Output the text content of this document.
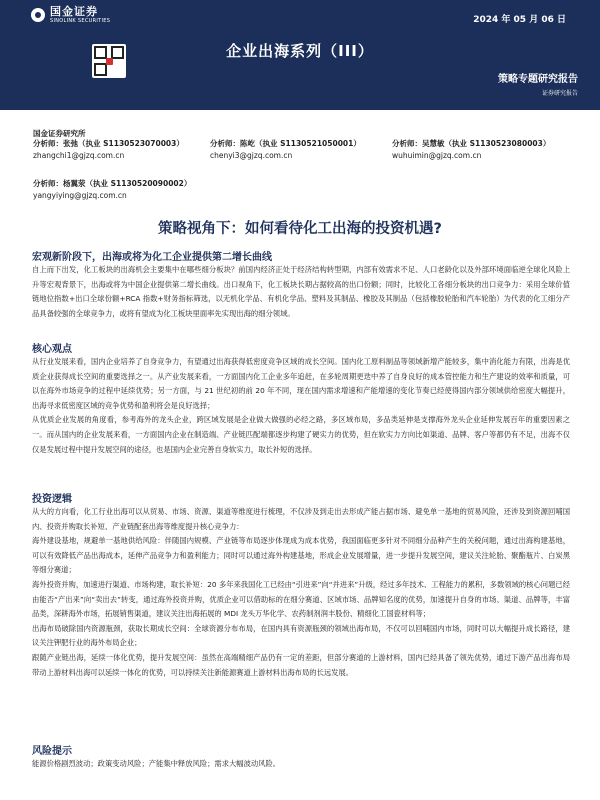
国金证券
SINOLINK SECURITIES	2024 年 05 月 06 日
企业出海系列（III）
策略专题研究报告
证券研究报告
国金证券研究所
分析师：张弛（执业 S1130523070003）
zhangchi1@gjzq.com.cn
分析师：陈屹（执业 S1130521050001）
chenyi3@gjzq.com.cn
分析师：吴慧敏（执业 S1130523080003）
wuhuimin@gjzq.com.cn
分析师：杨翼荥（执业 S1130520090002）
yangyiying@gjzq.com.cn
策略视角下：如何看待化工出海的投资机遇?
宏观新阶段下，出海或将为化工企业提供第二增长曲线

自上而下出发，化工板块的出海机会主要集中在哪些细分板块？前国内经济正处于经济结构转型期，内部有效需求不足、人口老龄化以及外部环境面临逆全球化风险上升等宏观背景下，出海或将为中国企业提供第二增长曲线。出口视角下，化工板块长期占据较高的出口份额；同时，比较化工各细分板块的出口竞争力：采用全球价值链地位指数+出口全球份额+RCA 指数+财务指标筛选，以无机化学品、有机化学品、塑料及其制品、橡胶及其制品（包括橡胶轮胎和汽车轮胎）为代表的化工细分产品具备较强的全球竞争力，或将有望成为化工板块里面率先实现出海的细分领域。

核心观点

从行业发展来看，国内企业培养了自身竞争力，有望通过出海获得低密度竞争区域的成长空间。国内化工原料制品等领域新增产能较多，集中消化能力有限，出海是优质企业获得成长空间的重要选择之一。从产业发展来看，一方面国内化工企业多年追赶，在多轮周期更迭中养了自身良好的成本管控能力和生产建设的效率和质量，可以在海外市场竞争的过程中延续优势；另一方面，与 21 世纪初的前 20 年不同，现在国内需求增速和产能增速的变化节奏已经使得国内部分领域供给密度大幅提升，出海寻求低密度区域的竞争优势和盈利将会是良好选择；

从优质企业发展的角度看，参考海外的龙头企业，跨区域发展是企业做大做强的必经之路，多区域布局，多品类延伸是支撑海外龙头企业延伸发展百年的重要因素之一。而从国内的企业发展来看，一方面国内企业在制造端、产业链匹配端都逐步构建了硬实力的优势，但在软实力方向比如渠道、品牌、客户等都仍有不足，出海不仅仅是发展过程中提升发展空间的途径，也是国内企业完善自身软实力，取长补短的选择。

投资逻辑

从大的方向看，化工行业出海可以从贸易、市场、资源、渠道等维度进行梳理，不仅涉及到走出去形成产能占据市场、避免单一基地的贸易风险，还涉及到资源回哺国内、投资并购取长补短、产业链配套出海等维度提升核心竞争力：

海外建设基地，规避单一基地供给风险：伴随国内规模、产业链等布局逐步体现成为成本优势，我国面临更多针对不同细分品种产生的关税问题，通过出海构建基地，可以有效降低产品出海成本，延伸产品竞争力和盈利能力；同时可以通过海外构建基地，形成企业发展增量，进一步提升发展空间，建议关注轮胎、聚酯瓶片、白炭黑等细分赛道；

海外投资并购，加速进行渠道、市场构建，取长补短：20 多年来我国化工已经由“引进来”向“并进来”升级，经过多年技术、工程能力的累积，多数领域的核心问题已经由能否“产出来”向“卖出去”转变，通过海外投资并购，优质企业可以借助标的在细分赛道、区域市场、品牌知名度的优势，加速提升自身的市场、渠道、品牌等，丰富品类，深耕海外市场，拓展销售渠道，建议关注出海拓展的 MDI 龙头万华化学、农药制剂润丰股份、精细化工国瓷材料等；

出海布局破除国内资源瓶颈，获取长期成长空间：全球资源分布布局，在国内具有资源瓶颈的领域出海布局，不仅可以回哺国内市场，同时可以大幅提升成长路径，建议关注钾肥行业的海外布局企业；

跟随产业链出海，延续一体化优势，提升发展空间：虽然在高端精细产品仍有一定的差距，但部分赛道的上游材料，国内已经具备了领先优势，通过下游产品出海布局带动上游材料出海可以延续一体化的优势，可以持续关注新能源赛道上游材料出海布局的长远发展。

风险提示

能源价格剧烈波动；政策变动风险；产能集中释放风险；需求大幅波动风险。
